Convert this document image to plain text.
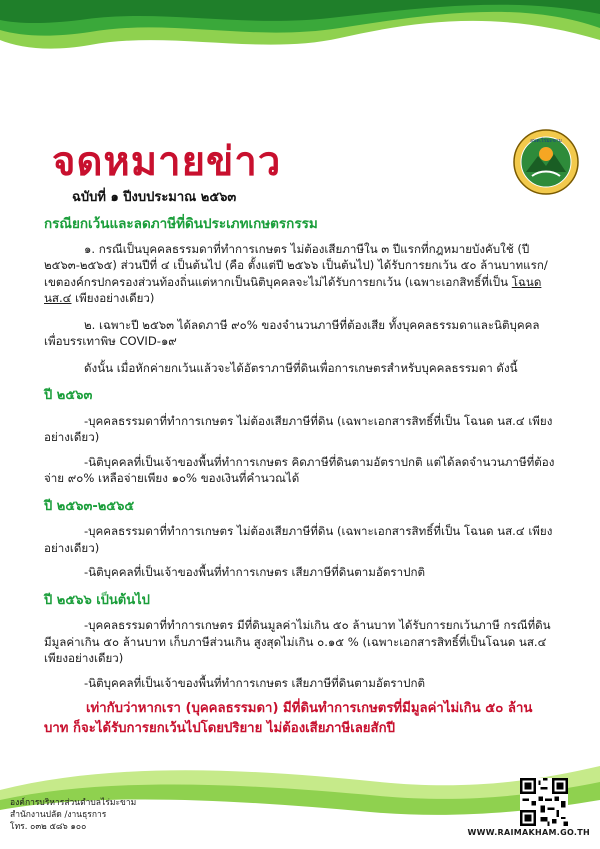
อบต.ไร่มะขาม
จดหมายข่าว
ฉบับที่ ๑ ปีงบประมาณ ๒๕๖๓
กรณียกเว้นและลดภาษีที่ดินประเภทเกษตรกรรม

๑. กรณีเป็นบุคคลธรรมดาที่ทำการเกษตร ไม่ต้องเสียภาษีใน ๓ ปีแรกที่กฎหมายบังคับใช้ (ปี ๒๕๖๓-๒๕๖๕) ส่วนปีที่ ๔ เป็นต้นไป (คือ ตั้งแต่ปี ๒๕๖๖ เป็นต้นไป) ได้รับการยกเว้น ๕๐ ล้านบาทแรก/เขตองค์กรปกครองส่วนท้องถิ่นแต่หากเป็นนิติบุคคลจะไม่ได้รับการยกเว้น (เฉพาะเอกสิทธิ์ที่เป็น โฉนด นส.๔ เพียงอย่างเดียว)

๒. เฉพาะปี ๒๕๖๓ ได้ลดภาษี ๙๐% ของจำนวนภาษีที่ต้องเสีย ทั้งบุคคลธรรมดาและนิติบุคคลเพื่อบรรเทาพิษ COVID-๑๙

ดังนั้น เมื่อหักค่ายกเว้นแล้วจะได้อัตราภาษีที่ดินเพื่อการเกษตรสำหรับบุคคลธรรมดา ดังนี้

ปี ๒๕๖๓

-บุคคลธรรมดาที่ทำการเกษตร ไม่ต้องเสียภาษีที่ดิน (เฉพาะเอกสารสิทธิ์ที่เป็น โฉนด นส.๔ เพียงอย่างเดียว)

-นิติบุคคลที่เป็นเจ้าของพื้นที่ทำการเกษตร คิดภาษีที่ดินตามอัตราปกติ แต่ได้ลดจำนวนภาษีที่ต้องจ่าย ๙๐% เหลือจ่ายเพียง ๑๐% ของเงินที่คำนวณได้

ปี ๒๕๖๓-๒๕๖๕

-บุคคลธรรมดาที่ทำการเกษตร ไม่ต้องเสียภาษีที่ดิน (เฉพาะเอกสารสิทธิ์ที่เป็น โฉนด นส.๔ เพียงอย่างเดียว)

-นิติบุคคลที่เป็นเจ้าของพื้นที่ทำการเกษตร เสียภาษีที่ดินตามอัตราปกติ

ปี ๒๕๖๖ เป็นต้นไป

-บุคคลธรรมดาที่ทำการเกษตร มีที่ดินมูลค่าไม่เกิน ๕๐ ล้านบาท ได้รับการยกเว้นภาษี กรณีที่ดินมีมูลค่าเกิน ๕๐ ล้านบาท เก็บภาษีส่วนเกิน สูงสุดไม่เกิน ๐.๑๕ % (เฉพาะเอกสารสิทธิ์ที่เป็นโฉนด นส.๔ เพียงอย่างเดียว)

-นิติบุคคลที่เป็นเจ้าของพื้นที่ทำการเกษตร เสียภาษีที่ดินตามอัตราปกติ

เท่ากับว่าหากเรา (บุคคลธรรมดา) มีที่ดินทำการเกษตรที่มีมูลค่าไม่เกิน ๕๐ ล้านบาท ก็จะได้รับการยกเว้นไปโดยปริยาย ไม่ต้องเสียภาษีเลยสักปี
องค์การบริหารส่วนตำบลไร่มะขาม
สำนักงานปลัด /งานธุรการ
โทร. ๐๓๒ ๕๘๖ ๑๐๐
WWW.RAIMAKHAM.GO.TH
